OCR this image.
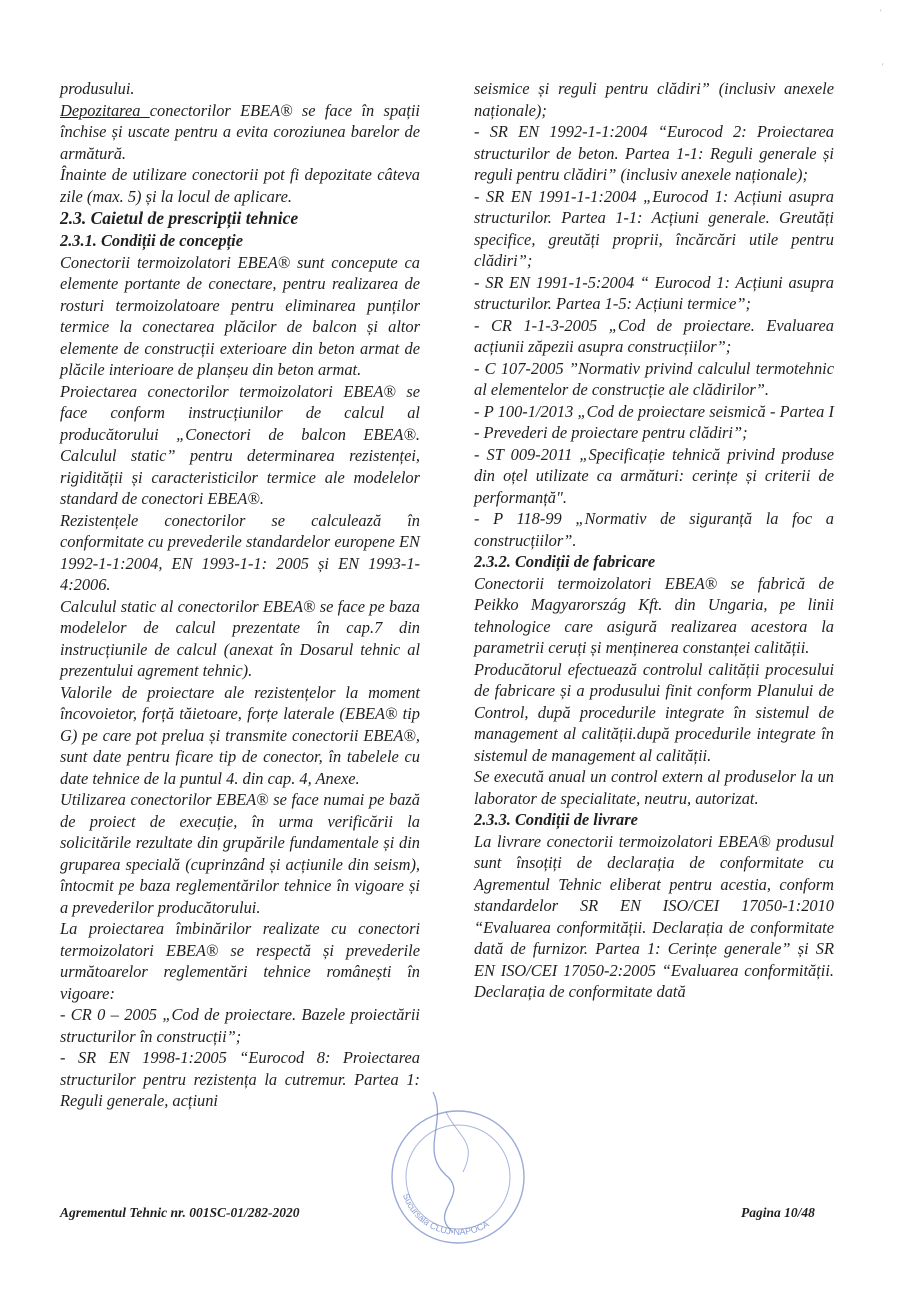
′
′

produsului.

Depozitarea conectorilor EBEA® se face în spații închise și uscate pentru a evita coroziunea barelor de armătură.

Înainte de utilizare conectorii pot fi depozitate câteva zile (max. 5) și la locul de aplicare.

2.3. Caietul de prescripții tehnice

2.3.1. Condiții de concepție

Conectorii termoizolatori EBEA® sunt concepute ca elemente portante de conectare, pentru realizarea de rosturi termoizolatoare pentru eliminarea punților termice la conectarea plăcilor de balcon și altor elemente de construcții exterioare din beton armat de plăcile interioare de planșeu din beton armat.

Proiectarea conectorilor termoizolatori EBEA® se face conform instrucțiunilor de calcul al producătorului „Conectori de balcon EBEA®. Calculul static” pentru determinarea rezistenței, rigidității și caracteristicilor termice ale modelelor standard de conectori EBEA®.

Rezistențele conectorilor se calculează în conformitate cu prevederile standardelor europene EN 1992-1-1:2004, EN 1993-1-1: 2005 și EN 1993-1-4:2006.

Calculul static al conectorilor EBEA® se face pe baza modelelor de calcul prezentate în cap.7 din instrucțiunile de calcul (anexat în Dosarul tehnic al prezentului agrement tehnic).

Valorile de proiectare ale rezistențelor la moment încovoietor, forță tăietoare, forțe laterale (EBEA® tip G) pe care pot prelua și transmite conectorii EBEA®, sunt date pentru ficare tip de conector, în tabelele cu date tehnice de la puntul 4. din cap. 4, Anexe.

Utilizarea conectorilor EBEA® se face numai pe bază de proiect de execuție, în urma verificării la solicitările rezultate din grupările fundamentale și din gruparea specială (cuprinzând și acțiunile din seism), întocmit pe baza reglementărilor tehnice în vigoare și a prevederilor producătorului.

La proiectarea îmbinărilor realizate cu conectori termoizolatori EBEA® se respectă și prevederile următoarelor reglementări tehnice românești în vigoare:

- CR 0 – 2005 „Cod de proiectare. Bazele proiectării structurilor în construcții”;

- SR EN 1998-1:2005 “Eurocod 8: Proiectarea structurilor pentru rezistența la cutremur. Partea 1: Reguli generale, acțiuni

seismice și reguli pentru clădiri” (inclusiv anexele naționale);

- SR EN 1992-1-1:2004 “Eurocod 2: Proiectarea structurilor de beton. Partea 1-1: Reguli generale și reguli pentru clădiri” (inclusiv anexele naționale);

- SR EN 1991-1-1:2004 „Eurocod 1: Acțiuni asupra structurilor. Partea 1-1: Acțiuni generale. Greutăți specifice, greutăți proprii, încărcări utile pentru clădiri”;

- SR EN 1991-1-5:2004 “ Eurocod 1: Acțiuni asupra structurilor. Partea 1-5: Acțiuni termice”;

- CR 1-1-3-2005 „Cod de proiectare. Evaluarea acțiunii zăpezii asupra construcțiilor”;

- C 107-2005 ”Normativ privind calculul termotehnic al elementelor de construcție ale clădirilor”.

- P 100-1/2013 „Cod de proiectare seismică - Partea I - Prevederi de proiectare pentru clădiri”;

- ST 009-2011 „Specificație tehnică privind produse din oțel utilizate ca armături: cerințe și criterii de performanță".

- P 118-99 „Normativ de siguranță la foc a construcțiilor”.

2.3.2. Condiții de fabricare

Conectorii termoizolatori EBEA® se fabrică de Peikko Magyarország Kft. din Ungaria, pe linii tehnologice care asigură realizarea acestora la parametrii ceruți și menținerea constanței calității.

Producătorul efectuează controlul calității procesului de fabricare și a produsului finit conform Planului de Control, după procedurile integrate în sistemul de management al calității.după procedurile integrate în sistemul de management al calității.

Se execută anual un control extern al produselor la un laborator de specialitate, neutru, autorizat.

2.3.3. Condiții de livrare

La livrare conectorii termoizolatori EBEA® produsul sunt însoțiți de declarația de conformitate cu Agrementul Tehnic eliberat pentru acestia, conform standardelor SR EN ISO/CEI 17050-1:2010 “Evaluarea conformității. Declarația de conformitate dată de furnizor. Partea 1: Cerințe generale” și SR EN ISO/CEI 17050-2:2005 “Evaluarea conformității. Declarația de conformitate dată

Sucursala CLUJ-NAPOCA
Agrementul Tehnic nr. 001SC-01/282-2020	Pagina 10/48
